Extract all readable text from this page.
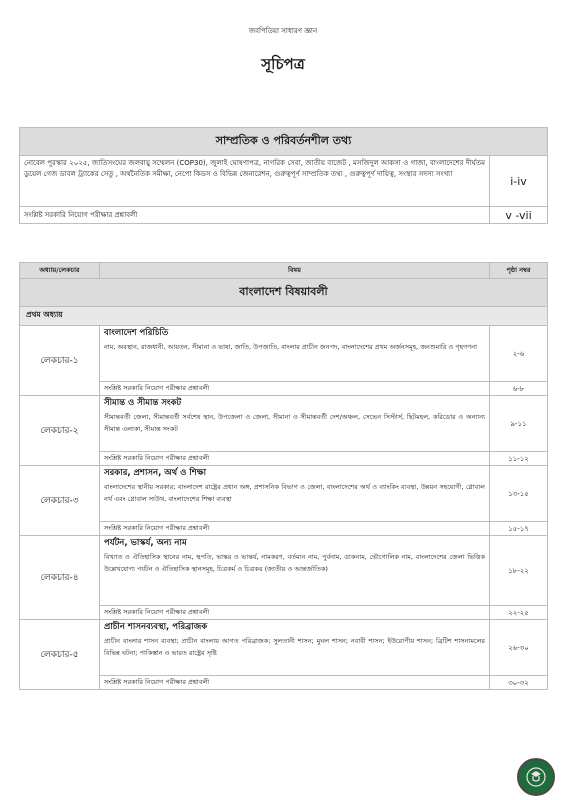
জবপিডিয়া সাধারণ জ্ঞান
সূচিপত্র
সাম্প্রতিক ও পরিবর্তনশীল তথ্য	
নোবেল পুরস্কার ২০২৫, জাতিসংঘের জলবায়ু সম্মেলন (COP30), জুলাই ঘোষণাপত্র, নাগরিক সেবা, জাতীয় বাজেট , মসজিদুল আকসা ও গাজা, বাংলাদেশের দীর্ঘতম ডুয়েল গেজ ডাবল ট্র্যাকের সেতু , অর্থনৈতিক সমীক্ষা, নেপো কিডস ও বিভিন্ন জেনারেশন, গুরুত্বপূর্ণ সাম্প্রতিক তথ্য , গুরুত্বপূর্ণ দায়িত্ব, সংস্থার সদস্য সংখ্যা	i-iv
সংশ্লিষ্ট সরকারি নিয়োগ পরীক্ষার প্রশ্নাবলী	v -vii
অধ্যায়/লেকচার	বিষয়	পৃষ্ঠা নম্বর
বাংলাদেশ বিষয়াবলী		
প্রথম অধ্যায়		
লেকচার-১	বাংলাদেশ পরিচিতি
নাম, অবস্থান, রাজধানী, আয়তন, সীমানা ও ভাষা, জাতি, উপজাতি, বাংলার প্রাচীন জনপদ, বাংলাদেশের প্রথম অর্জনসমূহ, জনশুমারি ও গৃহগণনা	২-৬
	সংশ্লিষ্ট সরকারি নিয়োগ পরীক্ষার প্রশ্নাবলী	৬-৮
লেকচার-২	সীমান্ত ও সীমান্ত সংকট
সীমান্তবর্তী জেলা, সীমান্তবর্তী সর্বশেষ স্থান, উপজেলা ও জেলা, সীমানা ও সীমান্তবর্তী দেশ/অঞ্চল, সেভেন সিস্টার্স, ছিটমহল, করিডোর ও অন্যান্য সীমান্ত এলাকা, সীমান্ত সংকট	৯-১১
	সংশ্লিষ্ট সরকারি নিয়োগ পরীক্ষার প্রশ্নাবলী	১১-১২
লেকচার-৩	সরকার, প্রশাসন, অর্থ ও শিক্ষা
বাংলাদেশের স্থানীয় সরকার; বাংলাদেশ রাষ্ট্রের প্রধান অঙ্গ, প্রশাসনিক বিভাগ ও জেলা, বাংলাদেশের অর্থ ও ব্যাংকিং ব্যবস্থা, উন্নয়ন সহযোগী, গ্লোবাল নর্থ এবং গ্লোবাল সাউথ, বাংলাদেশের শিক্ষা ব্যবস্থা	১৩-১৫
	সংশ্লিষ্ট সরকারি নিয়োগ পরীক্ষার প্রশ্নাবলী	১৫-১৭
লেকচার-৪	পর্যটন, ভাস্কর্য, অন্য নাম
বিখ্যাত ও ঐতিহাসিক স্থানের নাম, স্থপতি, ভাস্কর ও ভাস্কর্য, নামকরণ, বর্তমান নাম, পুর্বনাম, ডাকনাম, ভৌগোলিক নাম, বাংলাদেশের জেলা ভিত্তিক উল্লেখযোগ্য পর্যটন ও ঐতিহাসিক স্থানসমূহ, চিত্রকর্ম ও চিত্রকর (জাতীয় ও আন্তর্জাতিক)	১৮-২২
	সংশ্লিষ্ট সরকারি নিয়োগ পরীক্ষার প্রশ্নাবলী	২২-২৫
লেকচার-৫	প্রাচীন শাসনব্যবস্থা, পরিব্রাজক
প্রাচীন বাংলার শাসন ব্যবস্থা; প্রাচীন বাংলায় আগত পরিব্রাজক; সুলতানী শাসন; মুঘল শাসন; নবাবী শাসন; ইউরোপীয় শাসন; ব্রিটিশ শাসনামলের বিভিন্ন ঘটনা; পাকিস্তান ও ভারত রাষ্ট্রের সৃষ্টি	২৬-৩০
	সংশ্লিষ্ট সরকারি নিয়োগ পরীক্ষার প্রশ্নাবলী	৩০-৩২
